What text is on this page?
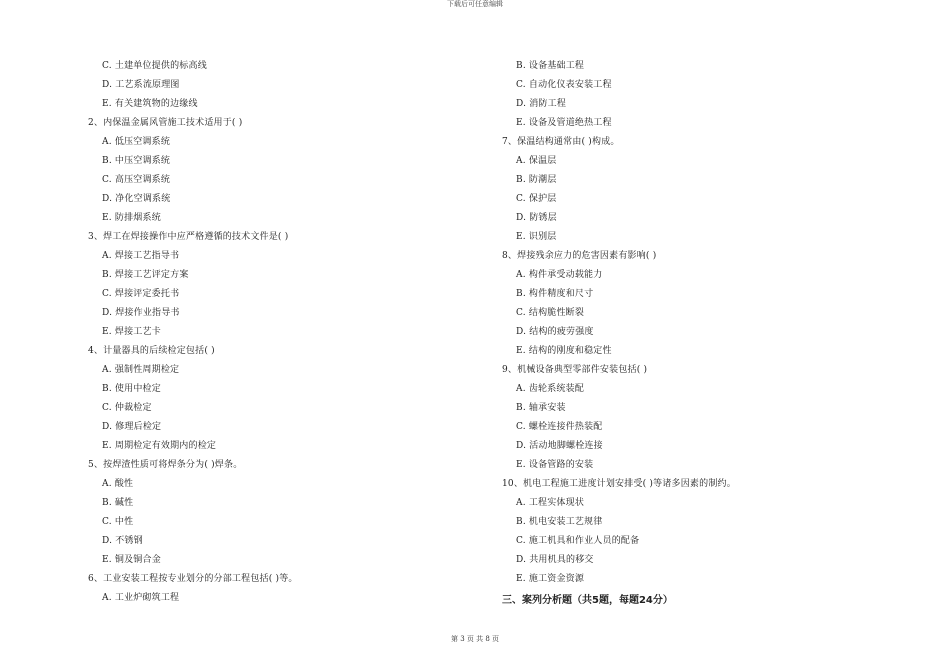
下载后可任意编辑
C. 土建单位提供的标高线
D. 工艺系流原理图
E. 有关建筑物的边缘线
2、内保温金属风管施工技术适用于( )
A. 低压空调系统
B. 中压空调系统
C. 高压空调系统
D. 净化空调系统
E. 防排烟系统
3、焊工在焊接操作中应严格遵循的技术文件是( )
A. 焊接工艺指导书
B. 焊接工艺评定方案
C. 焊接评定委托书
D. 焊接作业指导书
E. 焊接工艺卡
4、计量器具的后续检定包括( )
A. 强制性周期检定
B. 使用中检定
C. 仲裁检定
D. 修理后检定
E. 周期检定有效期内的检定
5、按焊渣性质可将焊条分为( )焊条。
A. 酸性
B. 碱性
C. 中性
D. 不锈钢
E. 铜及铜合金
6、工业安装工程按专业划分的分部工程包括( )等。
A. 工业炉砌筑工程
B. 设备基础工程
C. 自动化仪表安装工程
D. 消防工程
E. 设备及管道绝热工程
7、保温结构通常由( )构成。
A. 保温层
B. 防潮层
C. 保护层
D. 防锈层
E. 识别层
8、焊接残余应力的危害因素有影响( )
A. 构件承受动载能力
B. 构件精度和尺寸
C. 结构脆性断裂
D. 结构的疲劳强度
E. 结构的刚度和稳定性
9、机械设备典型零部件安装包括( )
A. 齿轮系统装配
B. 轴承安装
C. 螺栓连接件热装配
D. 活动地脚螺栓连接
E. 设备管路的安装
10、机电工程施工进度计划安排受( )等诸多因素的制约。
A. 工程实体现状
B. 机电安装工艺规律
C. 施工机具和作业人员的配备
D. 共用机具的移交
E. 施工资金资源
三、案列分析题（共5题，每题24分）
第 3 页 共 8 页
